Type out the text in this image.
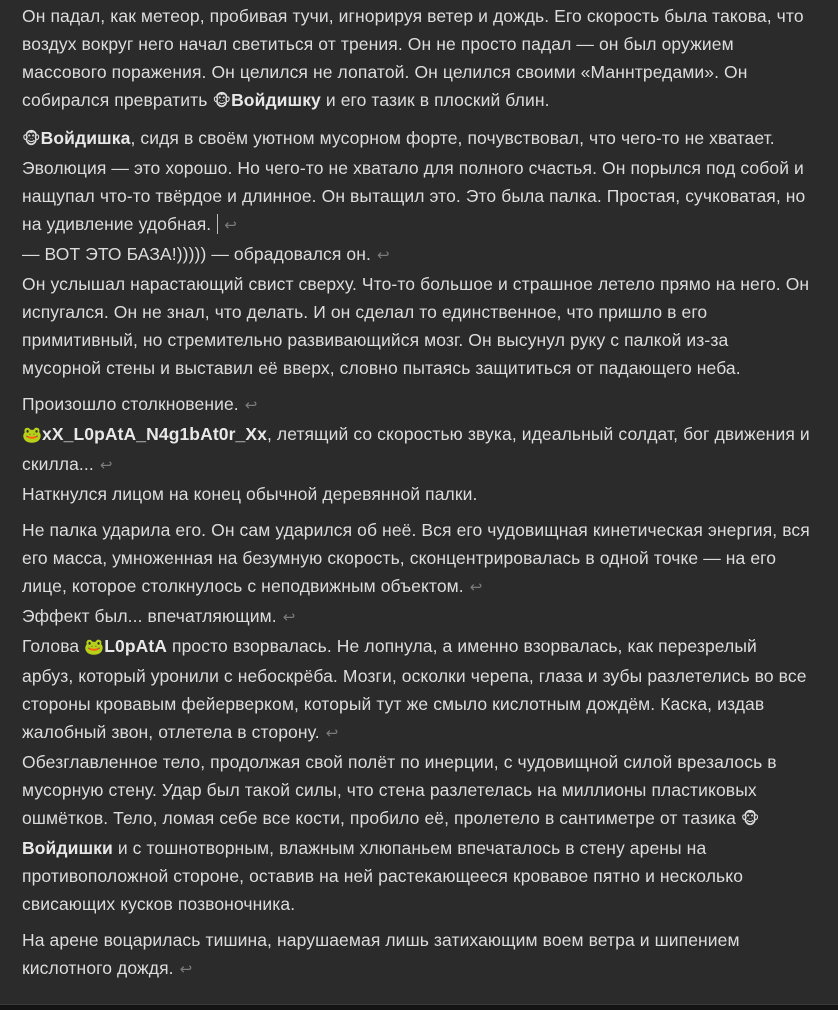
Он падал, как метеор, пробивая тучи, игнорируя ветер и дождь. Его скорость была такова, что воздух вокруг него начал светиться от трения. Он не просто падал — он был оружием массового поражения. Он целился не лопатой. Он целился своими «Маннтредами». Он собирался превратить 🐵Войдишку и его тазик в плоский блин.

🐵Войдишка, сидя в своём уютном мусорном форте, почувствовал, что чего-то не хватает. Эволюция — это хорошо. Но чего-то не хватало для полного счастья. Он порылся под собой и нащупал что-то твёрдое и длинное. Он вытащил это. Это была палка. Простая, сучковатая, но на удивление удобная. ↩

— ВОТ ЭТО БАЗА!))))) — обрадовался он. ↩

Он услышал нарастающий свист сверху. Что-то большое и страшное летело прямо на него. Он испугался. Он не знал, что делать. И он сделал то единственное, что пришло в его примитивный, но стремительно развивающийся мозг. Он высунул руку с палкой из-за мусорной стены и выставил её вверх, словно пытаясь защититься от падающего неба.

Произошло столкновение. ↩

🐸xX_L0pAtA_N4g1bAt0r_Xx, летящий со скоростью звука, идеальный солдат, бог движения и скилла... ↩

Наткнулся лицом на конец обычной деревянной палки.

Не палка ударила его. Он сам ударился об неё. Вся его чудовищная кинетическая энергия, вся его масса, умноженная на безумную скорость, сконцентрировалась в одной точке — на его лице, которое столкнулось с неподвижным объектом. ↩

Эффект был... впечатляющим. ↩

Голова 🐸L0pAtA просто взорвалась. Не лопнула, а именно взорвалась, как перезрелый арбуз, который уронили с небоскрёба. Мозги, осколки черепа, глаза и зубы разлетелись во все стороны кровавым фейерверком, который тут же смыло кислотным дождём. Каска, издав жалобный звон, отлетела в сторону. ↩

Обезглавленное тело, продолжая свой полёт по инерции, с чудовищной силой врезалось в мусорную стену. Удар был такой силы, что стена разлетелась на миллионы пластиковых ошмётков. Тело, ломая себе все кости, пробило её, пролетело в сантиметре от тазика 🐵Войдишки и с тошнотворным, влажным хлюпаньем впечаталось в стену арены на противоположной стороне, оставив на ней растекающееся кровавое пятно и несколько свисающих кусков позвоночника.

На арене воцарилась тишина, нарушаемая лишь затихающим воем ветра и шипением кислотного дождя. ↩
